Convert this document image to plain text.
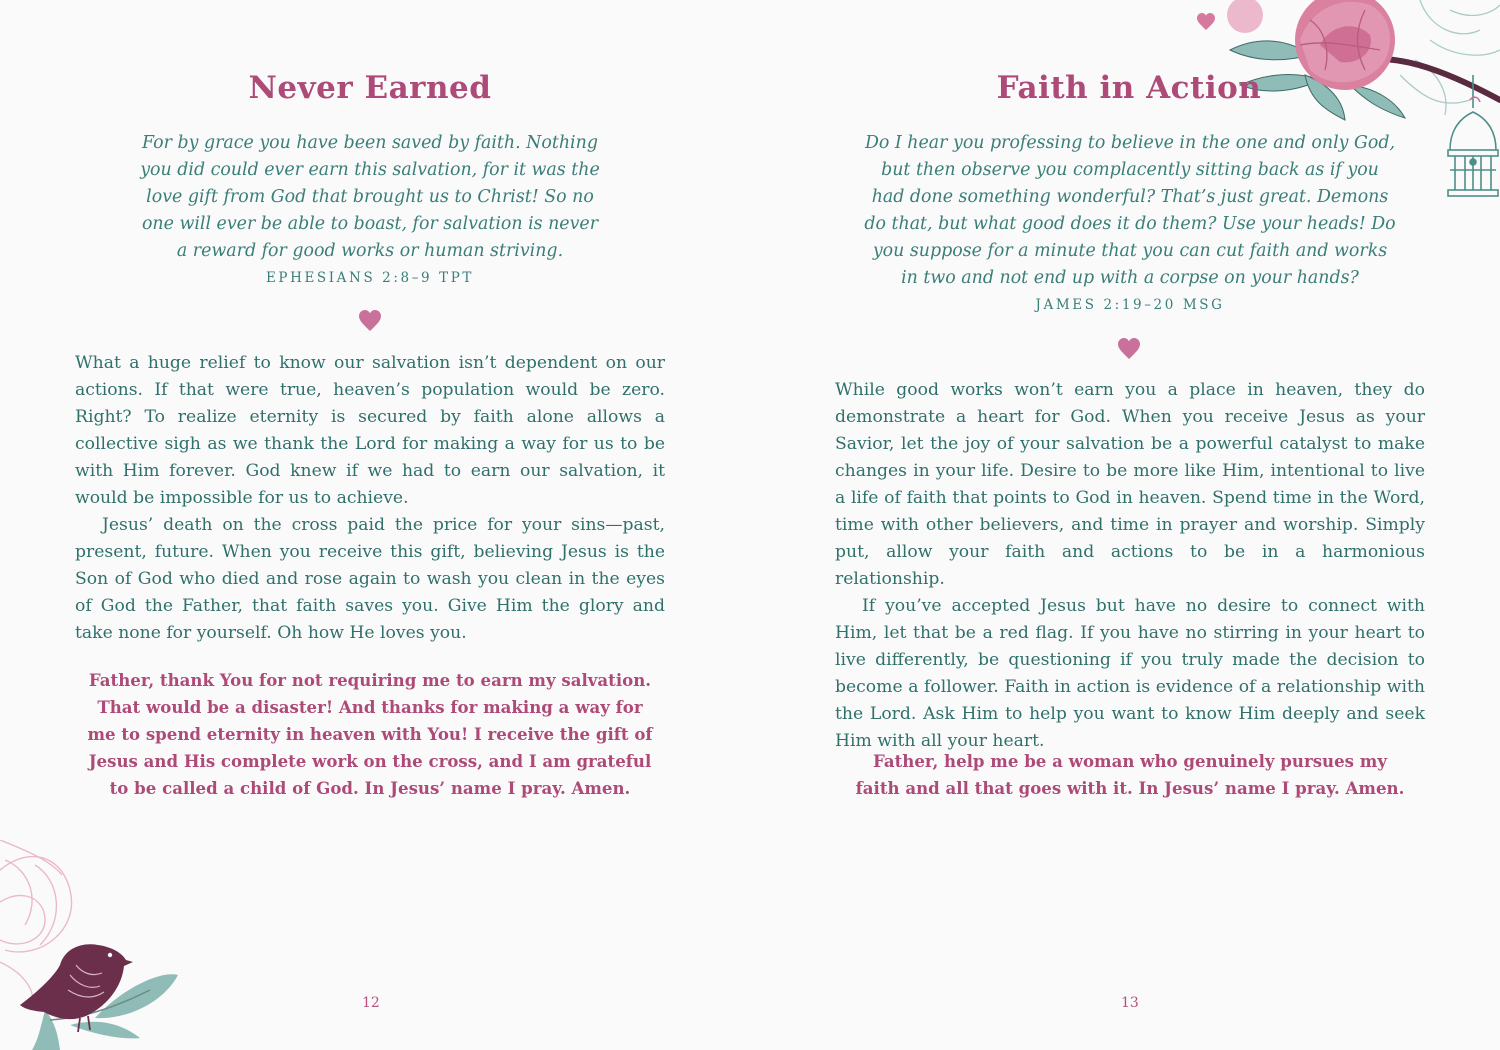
Never Earned
For by grace you have been saved by faith. Nothing
you did could ever earn this salvation, for it was the
love gift from God that brought us to Christ! So no
one will ever be able to boast, for salvation is never
a reward for good works or human striving.
EPHESIANS 2:8–9 TPT

What a huge relief to know our salvation isn’t dependent on our actions. If that were true, heaven’s population would be zero. Right? To realize eternity is secured by faith alone allows a collective sigh as we thank the Lord for making a way for us to be with Him forever. God knew if we had to earn our salvation, it would be impossible for us to achieve.

Jesus’ death on the cross paid the price for your sins—past, present, future. When you receive this gift, believing Jesus is the Son of God who died and rose again to wash you clean in the eyes of God the Father, that faith saves you. Give Him the glory and take none for yourself. Oh how He loves you.

Father, thank You for not requiring me to earn my salvation.
That would be a disaster! And thanks for making a way for
me to spend eternity in heaven with You! I receive the gift of
Jesus and His complete work on the cross, and I am grateful
to be called a child of God. In Jesus’ name I pray. Amen.
12
Faith in Action
Do I hear you professing to believe in the one and only God,
but then observe you complacently sitting back as if you
had done something wonderful? That’s just great. Demons
do that, but what good does it do them? Use your heads! Do
you suppose for a minute that you can cut faith and works
in two and not end up with a corpse on your hands?
JAMES 2:19–20 MSG

While good works won’t earn you a place in heaven, they do demonstrate a heart for God. When you receive Jesus as your Savior, let the joy of your salvation be a powerful catalyst to make changes in your life. Desire to be more like Him, intentional to live a life of faith that points to God in heaven. Spend time in the Word, time with other believers, and time in prayer and worship. Simply put, allow your faith and actions to be in a harmonious relationship.

If you’ve accepted Jesus but have no desire to connect with Him, let that be a red flag. If you have no stirring in your heart to live differently, be questioning if you truly made the decision to become a follower. Faith in action is evidence of a relationship with the Lord. Ask Him to help you want to know Him deeply and seek Him with all your heart.

Father, help me be a woman who genuinely pursues my
faith and all that goes with it. In Jesus’ name I pray. Amen.
13
